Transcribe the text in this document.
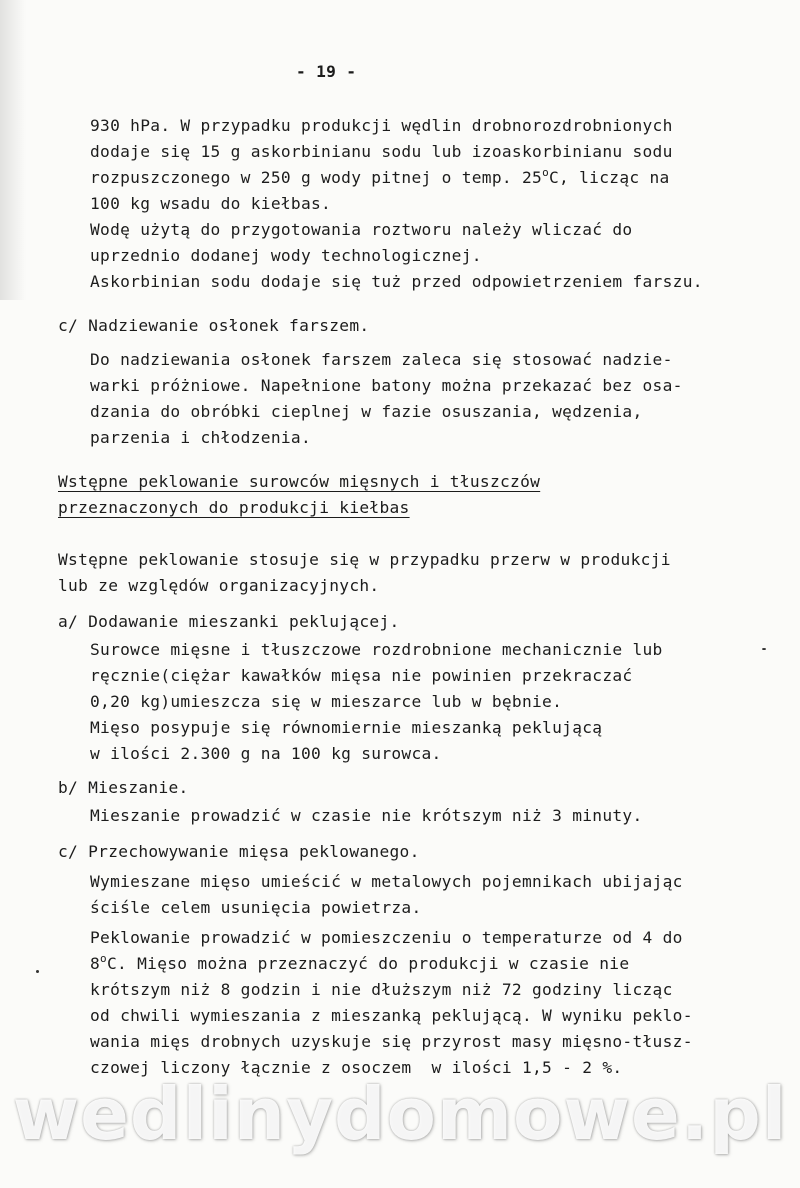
- 19 -
930 hPa. W przypadku produkcji wędlin drobnorozdrobnionych
dodaje się 15 g askorbinianu sodu lub izoaskorbinianu sodu
rozpuszczonego w 250 g wody pitnej o temp. 25$^o$C, licząc na
100 kg wsadu do kiełbas.
Wodę użytą do przygotowania roztworu należy wliczać do
uprzednio dodanej wody technologicznej.
Askorbinian sodu dodaje się tuż przed odpowietrzeniem farszu.
c/ Nadziewanie osłonek farszem.
Do nadziewania osłonek farszem zaleca się stosować nadzie-
warki próżniowe. Napełnione batony można przekazać bez osa-
dzania do obróbki cieplnej w fazie osuszania, wędzenia,
parzenia i chłodzenia.
Wstępne peklowanie surowców mięsnych i tłuszczów
przeznaczonych do produkcji kiełbas
Wstępne peklowanie stosuje się w przypadku przerw w produkcji
lub ze względów organizacyjnych.
a/ Dodawanie mieszanki peklującej.
Surowce mięsne i tłuszczowe rozdrobnione mechanicznie lub
ręcznie(ciężar kawałków mięsa nie powinien przekraczać
0,20 kg)umieszcza się w mieszarce lub w bębnie.
Mięso posypuje się równomiernie mieszanką peklującą
w ilości 2.300 g na 100 kg surowca.
b/ Mieszanie.
Mieszanie prowadzić w czasie nie krótszym niż 3 minuty.
c/ Przechowywanie mięsa peklowanego.
Wymieszane mięso umieścić w metalowych pojemnikach ubijając
ściśle celem usunięcia powietrza.
Peklowanie prowadzić w pomieszczeniu o temperaturze od 4 do
8$^o$C. Mięso można przeznaczyć do produkcji w czasie nie
krótszym niż 8 godzin i nie dłuższym niż 72 godziny licząc
od chwili wymieszania z mieszanką peklującą. W wyniku peklo-
wania mięs drobnych uzyskuje się przyrost masy mięsno-tłusz-
czowej liczony łącznie z osoczem  w ilości 1,5 - 2 %.
wedlinydomowe.pl
